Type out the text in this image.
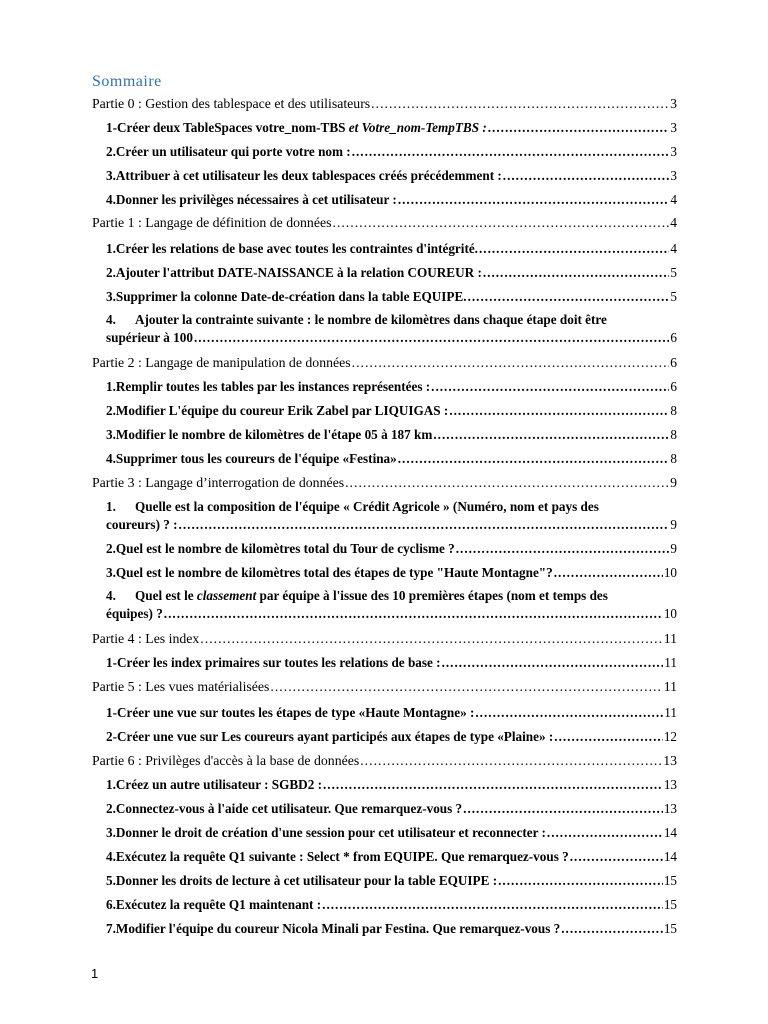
Sommaire
Partie 0 : Gestion des tablespace et des utilisateurs .....	3
1- Créer deux TableSpaces votre_nom-TBS et Votre_nom-TempTBS : .....	3
2. Créer un utilisateur qui porte votre nom : .....	3
3. Attribuer à cet utilisateur les deux tablespaces créés précédemment : .....	3
4. Donner les privilèges nécessaires à cet utilisateur : .....	4
Partie 1 : Langage de définition de données .....	4
1. Créer les relations de base avec toutes les contraintes d'intégrité. .....	4
2. Ajouter l'attribut DATE-NAISSANCE à la relation COUREUR : .....	5
3. Supprimer la colonne Date-de-création dans la table EQUIPE. .....	5
4. Ajouter la contrainte suivante : le nombre de kilomètres dans chaque étape doit être
supérieur à 100 .....	6
Partie 2 : Langage de manipulation de données .....	6
1. Remplir toutes les tables par les instances représentées : .....	6
2. Modifier L'équipe du coureur Erik Zabel par LIQUIGAS : .....	8
3. Modifier le nombre de kilomètres de l'étape 05 à 187 km .....	8
4. Supprimer tous les coureurs de l'équipe «Festina» .....	8
Partie 3 : Langage d’interrogation de données .....	9
1. Quelle est la composition de l'équipe « Crédit Agricole » (Numéro, nom et pays des
coureurs) ? : .....	9
2. Quel est le nombre de kilomètres total du Tour de cyclisme ? .....	9
3. Quel est le nombre de kilomètres total des étapes de type "Haute Montagne"? .....	10
4. Quel est le classement par équipe à l'issue des 10 premières étapes (nom et temps des
équipes) ? .....	10
Partie 4 : Les index .....	11
1- Créer les index primaires sur toutes les relations de base : .....	11
Partie 5 : Les vues matérialisées .....	11
1- Créer une vue sur toutes les étapes de type «Haute Montagne» : .....	11
2- Créer une vue sur Les coureurs ayant participés aux étapes de type «Plaine» : .....	12
Partie 6 : Privilèges d'accès à la base de données .....	13
1. Créez un autre utilisateur : SGBD2 : .....	13
2. Connectez-vous à l'aide cet utilisateur. Que remarquez-vous ? .....	13
3. Donner le droit de création d'une session pour cet utilisateur et reconnecter : .....	14
4. Exécutez la requête Q1 suivante : Select * from EQUIPE. Que remarquez-vous ? .....	14
5. Donner les droits de lecture à cet utilisateur pour la table EQUIPE : .....	15
6. Exécutez la requête Q1 maintenant : .....	15
7. Modifier l'équipe du coureur Nicola Minali par Festina. Que remarquez-vous ? .....	15
1
